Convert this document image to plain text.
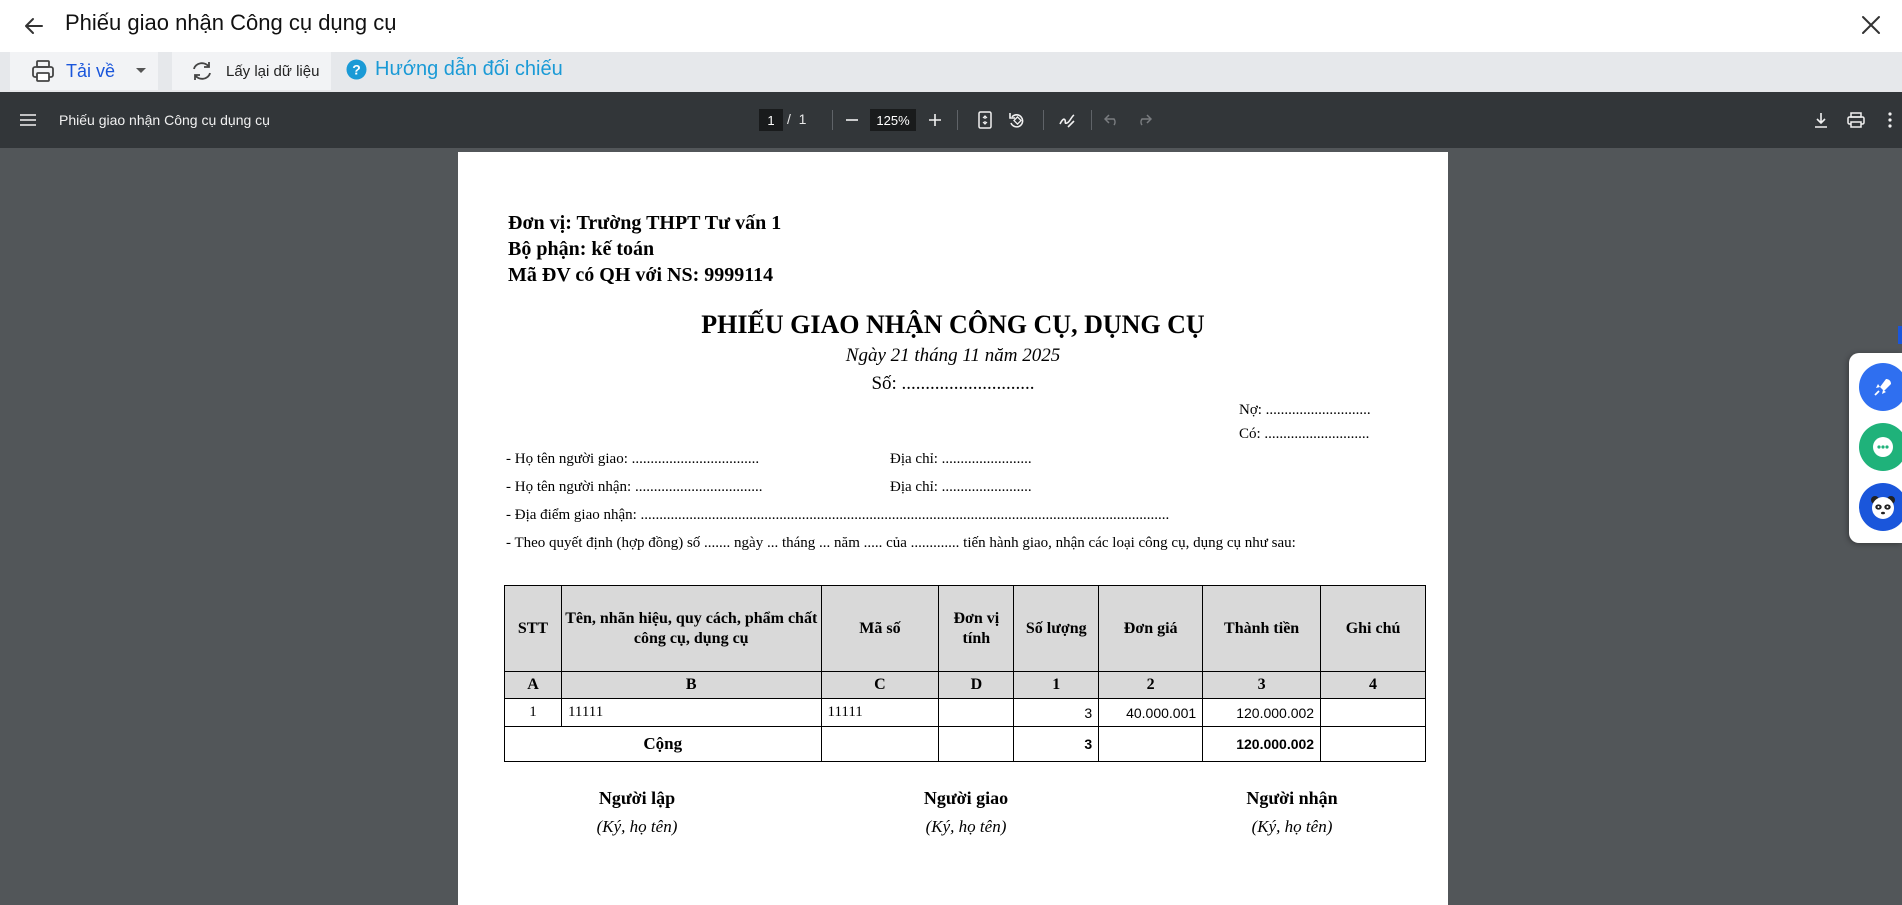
Phiếu giao nhận Công cụ dụng cụ
Tải về	Lấy lại dữ liệu ? Hướng dẫn đối chiếu
Phiếu giao nhận Công cụ dụng cụ	1 / 1	125%
Đơn vị: Trường THPT Tư vấn 1
Bộ phận: kế toán
Mã ĐV có QH với NS: 9999114
PHIẾU GIAO NHẬN CÔNG CỤ, DỤNG CỤ
Ngày 21 tháng 11 năm 2025
Số: ............................
Nợ: ............................
Có: ............................
- Họ tên người giao: ..................................	Địa chỉ: ........................
- Họ tên người nhận: ..................................	Địa chỉ: ........................
- Địa điểm giao nhận: .............................................................................................................................................
- Theo quyết định (hợp đồng) số ....... ngày ... tháng ... năm ..... của ............. tiến hành giao, nhận các loại công cụ, dụng cụ như sau:
STT	Tên, nhãn hiệu, quy cách, phẩm chất công cụ, dụng cụ	Mã số	Đơn vị tính	Số lượng	Đơn giá	Thành tiền	Ghi chú
A	B	C	D	1	2	3	4
1	11111	11111		3	40.000.001	120.000.002	
Cộng				3		120.000.002	
Người lập
(Ký, họ tên)
Người giao
(Ký, họ tên)
Người nhận
(Ký, họ tên)
